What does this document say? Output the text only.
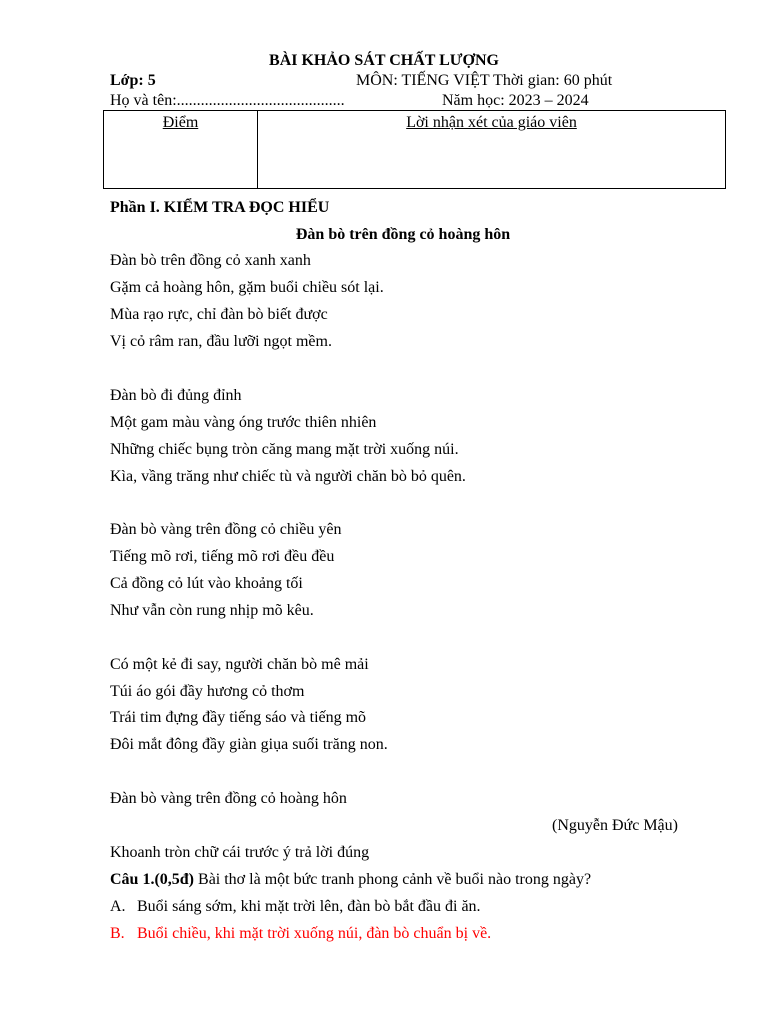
BÀI KHẢO SÁT CHẤT LƯỢNG
Lớp: 5	MÔN: TIẾNG VIỆT Thời gian: 60 phút
Họ và tên:..........................................	Năm học: 2023 – 2024
Điểm	Lời nhận xét của giáo viên
Phần I. KIỂM TRA ĐỌC HIỂU
Đàn bò trên đồng cỏ hoàng hôn
Đàn bò trên đồng cỏ xanh xanh
Gặm cả hoàng hôn, gặm buổi chiều sót lại.
Mùa rạo rực, chỉ đàn bò biết được
Vị cỏ râm ran, đầu lưỡi ngọt mềm.
Đàn bò đi đủng đỉnh
Một gam màu vàng óng trước thiên nhiên
Những chiếc bụng tròn căng mang mặt trời xuống núi.
Kìa, vầng trăng như chiếc tù và người chăn bò bỏ quên.
Đàn bò vàng trên đồng cỏ chiều yên
Tiếng mõ rơi, tiếng mõ rơi đều đều
Cả đồng cỏ lút vào khoảng tối
Như vẫn còn rung nhịp mõ kêu.
Có một kẻ đi say, người chăn bò mê mải
Túi áo gói đầy hương cỏ thơm
Trái tim đựng đầy tiếng sáo và tiếng mõ
Đôi mắt đông đầy giàn giụa suối trăng non.
Đàn bò vàng trên đồng cỏ hoàng hôn
(Nguyễn Đức Mậu)
Khoanh tròn chữ cái trước ý trả lời đúng
Câu 1.(0,5đ) Bài thơ là một bức tranh phong cảnh về buổi nào trong ngày?
A. Buổi sáng sớm, khi mặt trời lên, đàn bò bắt đầu đi ăn.
B. Buổi chiều, khi mặt trời xuống núi, đàn bò chuẩn bị về.
